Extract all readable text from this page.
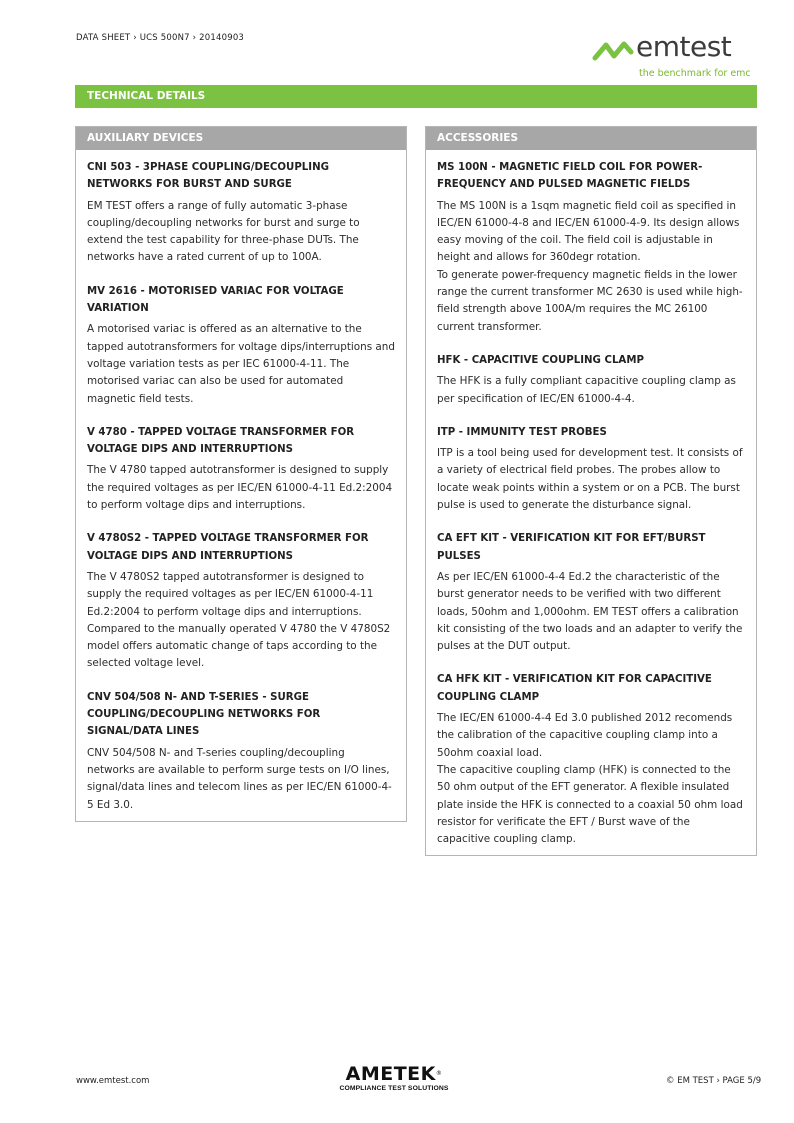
DATA SHEET › UCS 500N7 › 20140903	emtest
the benchmark for emc
TECHNICAL DETAILS
AUXILIARY DEVICES
CNI 503 - 3PHASE COUPLING/DECOUPLING NETWORKS FOR BURST AND SURGE

EM TEST offers a range of fully automatic 3-phase coupling/decoupling networks for burst and surge to extend the test capability for three-phase DUTs. The networks have a rated current of up to 100A.

MV 2616 - MOTORISED VARIAC FOR VOLTAGE VARIATION

A motorised variac is offered as an alternative to the tapped autotransformers for voltage dips/interruptions and voltage variation tests as per IEC 61000-4-11. The motorised variac can also be used for automated magnetic field tests.

V 4780 - TAPPED VOLTAGE TRANSFORMER FOR VOLTAGE DIPS AND INTERRUPTIONS

The V 4780 tapped autotransformer is designed to supply the required voltages as per IEC/EN 61000-4-11 Ed.2:2004 to perform voltage dips and interruptions.

V 4780S2 - TAPPED VOLTAGE TRANSFORMER FOR VOLTAGE DIPS AND INTERRUPTIONS

The V 4780S2 tapped autotransformer is designed to supply the required voltages as per IEC/EN 61000-4-11 Ed.2:2004 to perform voltage dips and interruptions. Compared to the manually operated V 4780 the V 4780S2 model offers automatic change of taps according to the selected voltage level.

CNV 504/508 N- AND T-SERIES - SURGE COUPLING/DECOUPLING NETWORKS FOR SIGNAL/DATA LINES

CNV 504/508 N- and T-series coupling/decoupling networks are available to perform surge tests on I/O lines, signal/data lines and telecom lines as per IEC/EN 61000-4-5 Ed 3.0.

ACCESSORIES
MS 100N - MAGNETIC FIELD COIL FOR POWER-FREQUENCY AND PULSED MAGNETIC FIELDS

The MS 100N is a 1sqm magnetic field coil as specified in IEC/EN 61000-4-8 and IEC/EN 61000-4-9. Its design allows easy moving of the coil. The field coil is adjustable in height and allows for 360degr rotation.

To generate power-frequency magnetic fields in the lower range the current transformer MC 2630 is used while high-field strength above 100A/m requires the MC 26100 current transformer.

HFK - CAPACITIVE COUPLING CLAMP

The HFK is a fully compliant capacitive coupling clamp as per specification of IEC/EN 61000-4-4.

ITP - IMMUNITY TEST PROBES

ITP is a tool being used for development test. It consists of a variety of electrical field probes. The probes allow to locate weak points within a system or on a PCB. The burst pulse is used to generate the disturbance signal.

CA EFT KIT - VERIFICATION KIT FOR EFT/BURST PULSES

As per IEC/EN 61000-4-4 Ed.2 the characteristic of the burst generator needs to be verified with two different loads, 50ohm and 1,000ohm. EM TEST offers a calibration kit consisting of the two loads and an adapter to verify the pulses at the DUT output.

CA HFK KIT - VERIFICATION KIT FOR CAPACITIVE COUPLING CLAMP

The IEC/EN 61000-4-4 Ed 3.0 published 2012 recomends the calibration of the capacitive coupling clamp into a 50ohm coaxial load.

The capacitive coupling clamp (HFK) is connected to the 50 ohm output of the EFT generator. A flexible insulated plate inside the HFK is connected to a coaxial 50 ohm load resistor for verificate the EFT / Burst wave of the capacitive coupling clamp.

www.emtest.com	AMETEK®
COMPLIANCE TEST SOLUTIONS
© EM TEST › PAGE 5/9
